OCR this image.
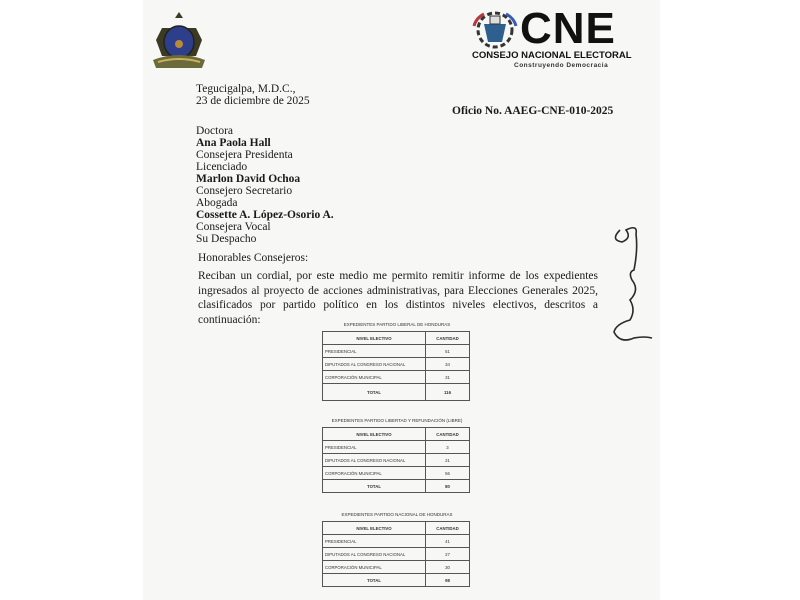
CNE
CONSEJO NACIONAL ELECTORAL
Construyendo Democracia
Tegucigalpa, M.D.C.,
23 de diciembre de 2025
Oficio No. AAEG-CNE-010-2025
Doctora
Ana Paola Hall
Consejera Presidenta
Licenciado
Marlon David Ochoa
Consejero Secretario
Abogada
Cossette A. López-Osorio A.
Consejera Vocal
Su Despacho
Honorables Consejeros:
Reciban un cordial, por este medio me permito remitir informe de los expedientes ingresados al proyecto de acciones administrativas, para Elecciones Generales 2025, clasificados por partido político en los distintos niveles electivos, descritos a continuación:	EXPEDIENTES PARTIDO LIBERAL DE HONDURAS
NIVEL ELECTIVO	CANTIDAD
PRESIDENCIAL	51
DIPUTADOS AL CONGRESO NACIONAL	34
CORPORACIÓN MUNICIPAL	31
TOTAL	116
EXPEDIENTES PARTIDO LIBERTAD Y REFUNDACIÓN (LIBRE)
NIVEL ELECTIVO	CANTIDAD
PRESIDENCIAL	3
DIPUTADOS AL CONGRESO NACIONAL	21
CORPORACIÓN MUNICIPAL	56
TOTAL	80
EXPEDIENTES PARTIDO NACIONAL DE HONDURAS
NIVEL ELECTIVO	CANTIDAD
PRESIDENCIAL	41
DIPUTADOS AL CONGRESO NACIONAL	27
CORPORACIÓN MUNICIPAL	30
TOTAL	98
